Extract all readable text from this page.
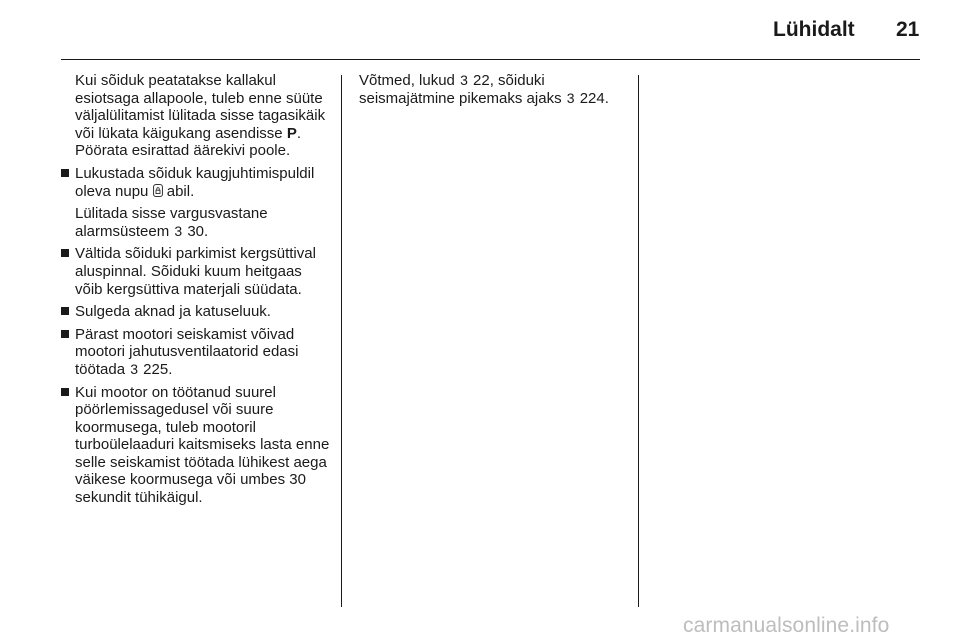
Lühidalt 21

Kui sõiduk peatatakse kallakul esiotsaga allapoole, tuleb enne süüte väljalülitamist lülitada sisse tagasikäik või lükata käigukang asendisse P. Pöörata esirattad äärekivi poole.

Lukustada sõiduk kaugjuhtimispuldil oleva nupu  abil.

Lülitada sisse vargusvastane alarmsüsteem 3 30.

Vältida sõiduki parkimist kergsüttival aluspinnal. Sõiduki kuum heitgaas võib kergsüttiva materjali süüdata.
Sulgeda aknad ja katuseluuk.
Pärast mootori seiskamist võivad mootori jahutusventilaatorid edasi töötada 3 225.
Kui mootor on töötanud suurel pöörlemissagedusel või suure koormusega, tuleb mootoril turboülelaaduri kaitsmiseks lasta enne selle seiskamist töötada lühikest aega väikese koormusega või umbes 30 sekundit tühikäigul.

Võtmed, lukud 3 22, sõiduki seismajätmine pikemaks ajaks 3 224.

carmanualsonline.info
